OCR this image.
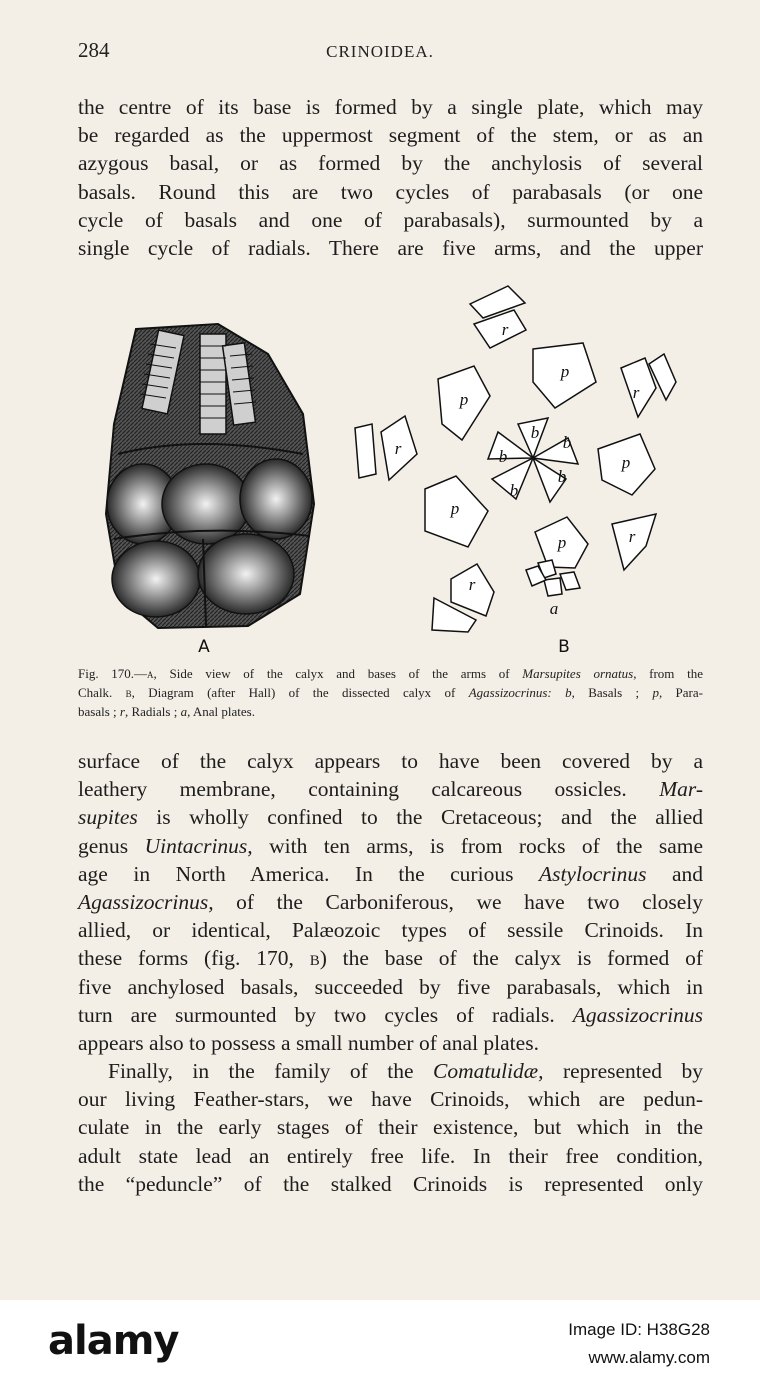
284	CRINOIDEA.
the centre of its base is formed by a single plate, which may
be regarded as the uppermost segment of the stem, or as an
azygous basal, or as formed by the anchylosis of several
basals. Round this are two cycles of parabasals (or one
cycle of basals and one of parabasals), surmounted by a
single cycle of radials. There are five arms, and the upper
A
r
r
r
r
r
p
p
p
p
p
b
b
b
b
b
a
B
Fig. 170.—a, Side view of the calyx and bases of the arms of Marsupites ornatus, from the
Chalk. b, Diagram (after Hall) of the dissected calyx of Agassizocrinus: b, Basals ; p, Para-
basals ; r, Radials ; a, Anal plates.
surface of the calyx appears to have been covered by a
leathery membrane, containing calcareous ossicles. Mar-
supites is wholly confined to the Cretaceous; and the allied
genus Uintacrinus, with ten arms, is from rocks of the same
age in North America. In the curious Astylocrinus and
Agassizocrinus, of the Carboniferous, we have two closely
allied, or identical, Palæozoic types of sessile Crinoids. In
these forms (fig. 170, b) the base of the calyx is formed of
five anchylosed basals, succeeded by five parabasals, which in
turn are surmounted by two cycles of radials. Agassizocrinus
appears also to possess a small number of anal plates.
Finally, in the family of the Comatulidæ, represented by
our living Feather-stars, we have Crinoids, which are pedun-
culate in the early stages of their existence, but which in the
adult state lead an entirely free life. In their free condition,
the “peduncle” of the stalked Crinoids is represented only
alamy	Image ID: H38G28
www.alamy.com
